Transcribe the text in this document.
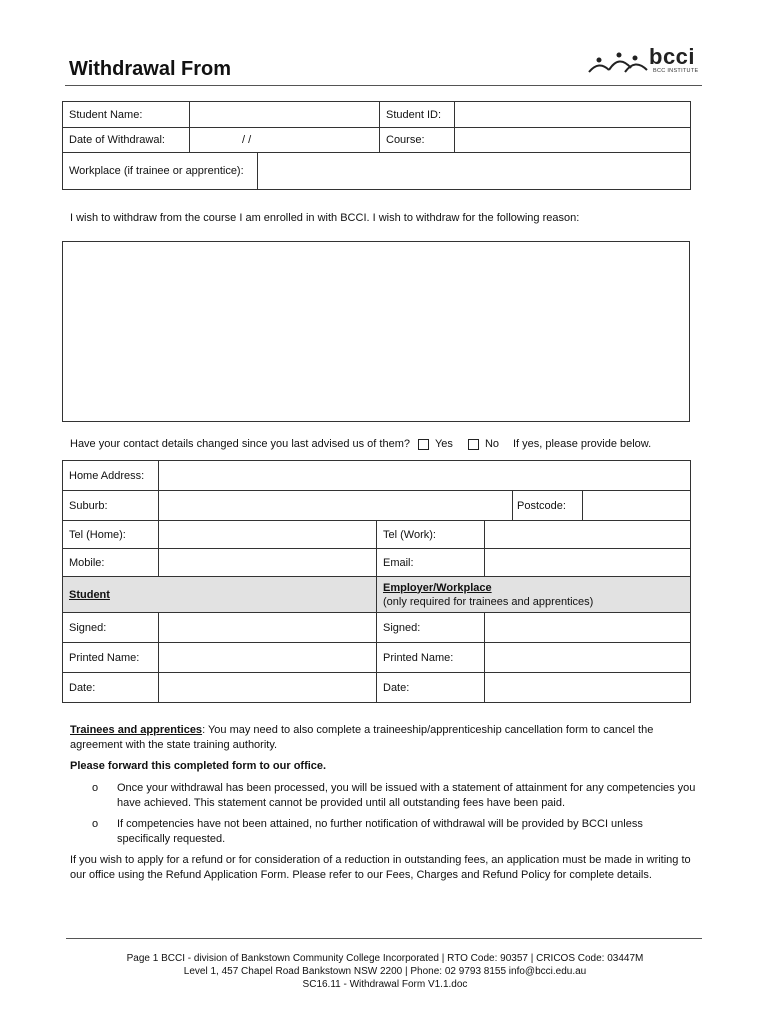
Withdrawal From	bcci
BCC INSTITUTE
Student Name:		Student ID:	
Date of Withdrawal:	/ /	Course:	
Workplace (if trainee or apprentice):	
I wish to withdraw from the course I am enrolled in with BCCI. I wish to withdraw for the following reason:
Have your contact details changed since you last advised us of them? Yes	No If yes, please provide below.
Home Address:					
Suburb:				Postcode:	
Tel (Home):		Tel (Work):			
Mobile:		Email:			
Student		Employer/Workplace
(only required for trainees and apprentices)			
Signed:		Signed:			
Printed Name:		Printed Name:			
Date:		Date:			
Trainees and apprentices: You may need to also complete a traineeship/apprenticeship cancellation form to cancel the agreement with the state training authority.
Please forward this completed form to our office.
o Once your withdrawal has been processed, you will be issued with a statement of attainment for any competencies you have achieved. This statement cannot be provided until all outstanding fees have been paid.
o If competencies have not been attained, no further notification of withdrawal will be provided by BCCI unless specifically requested.
If you wish to apply for a refund or for consideration of a reduction in outstanding fees, an application must be made in writing to our office using the Refund Application Form. Please refer to our Fees, Charges and Refund Policy for complete details.
Page 1 BCCI - division of Bankstown Community College Incorporated | RTO Code: 90357 | CRICOS Code: 03447M
Level 1, 457 Chapel Road Bankstown NSW 2200 | Phone: 02 9793 8155 info@bcci.edu.au
SC16.11 - Withdrawal Form V1.1.doc
